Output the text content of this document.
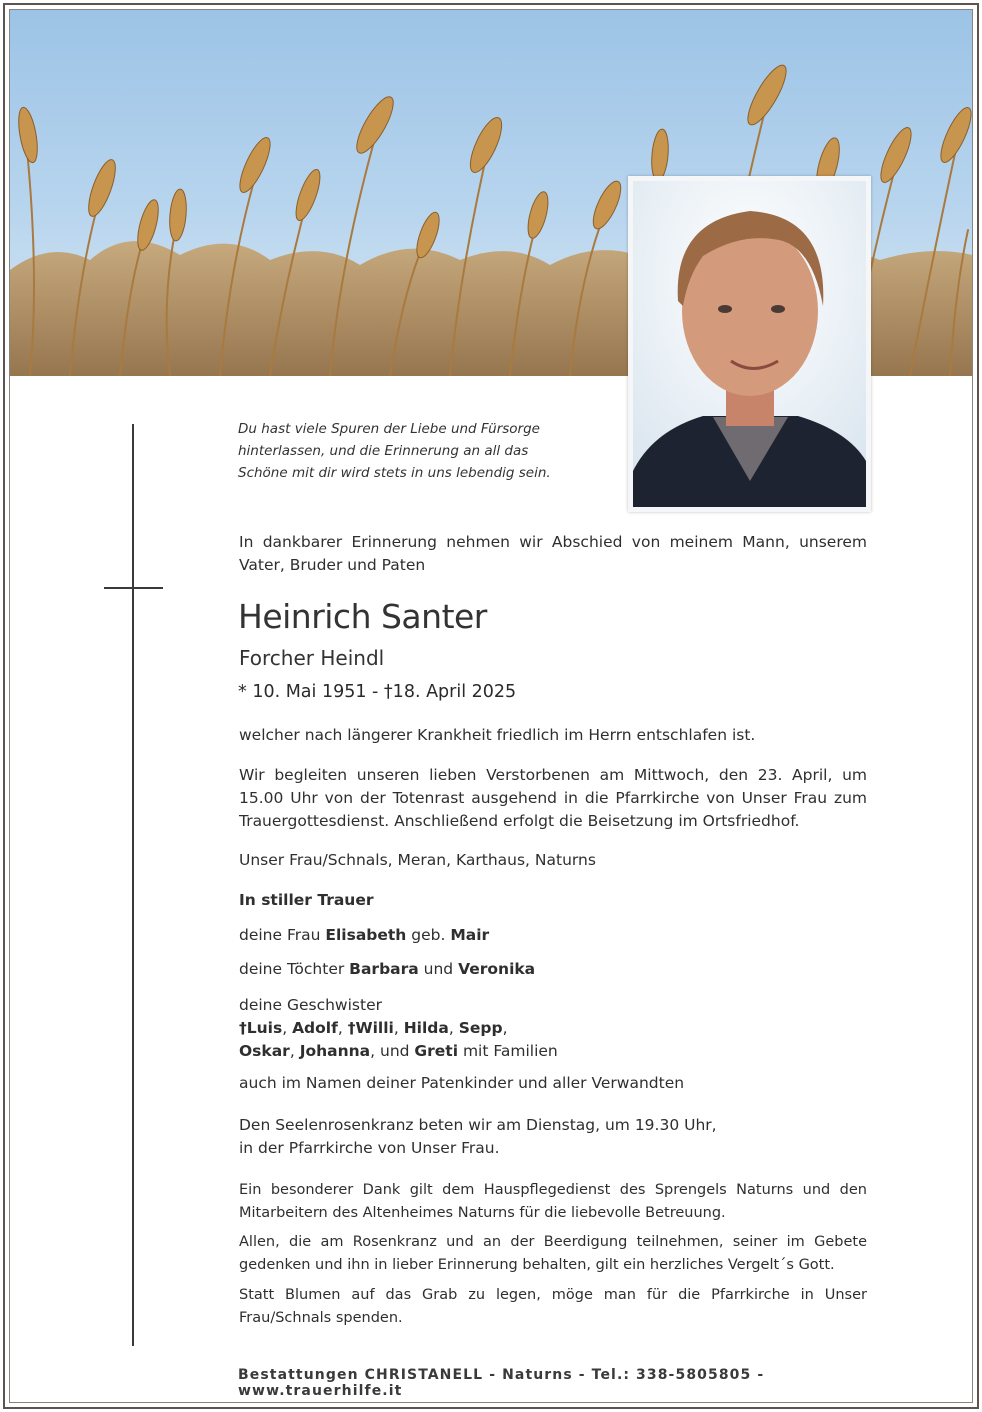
Du hast viele Spuren der Liebe und Fürsorge
hinterlassen, und die Erinnerung an all das
Schöne mit dir wird stets in uns lebendig sein.
In dankbarer Erinnerung nehmen wir Abschied von meinem Mann, unserem Vater, Bruder und Paten
Heinrich Santer
Forcher Heindl
* 10. Mai 1951 - †18. April 2025
welcher nach längerer Krankheit friedlich im Herrn entschlafen ist.
Wir begleiten unseren lieben Verstorbenen am Mittwoch, den 23. April, um 15.00 Uhr von der Totenrast ausgehend in die Pfarrkirche von Unser Frau zum Trauergottesdienst. Anschließend erfolgt die Beisetzung im Ortsfriedhof.
Unser Frau/Schnals, Meran, Karthaus, Naturns
In stiller Trauer
deine Frau Elisabeth geb. Mair
deine Töchter Barbara und Veronika
deine Geschwister
†Luis, Adolf, †Willi, Hilda, Sepp,
Oskar, Johanna, und Greti mit Familien
auch im Namen deiner Patenkinder und aller Verwandten
Den Seelenrosenkranz beten wir am Dienstag, um 19.30 Uhr,
in der Pfarrkirche von Unser Frau.
Ein besonderer Dank gilt dem Hauspflegedienst des Sprengels Naturns und den Mitarbeitern des Altenheimes Naturns für die liebevolle Betreuung.
Allen, die am Rosenkranz und an der Beerdigung teilnehmen, seiner im Gebete gedenken und ihn in lieber Erinnerung behalten, gilt ein herzliches Vergelt´s Gott.
Statt Blumen auf das Grab zu legen, möge man für die Pfarrkirche in Unser Frau/Schnals spenden.
Bestattungen CHRISTANELL - Naturns - Tel.: 338-5805805 - www.trauerhilfe.it
